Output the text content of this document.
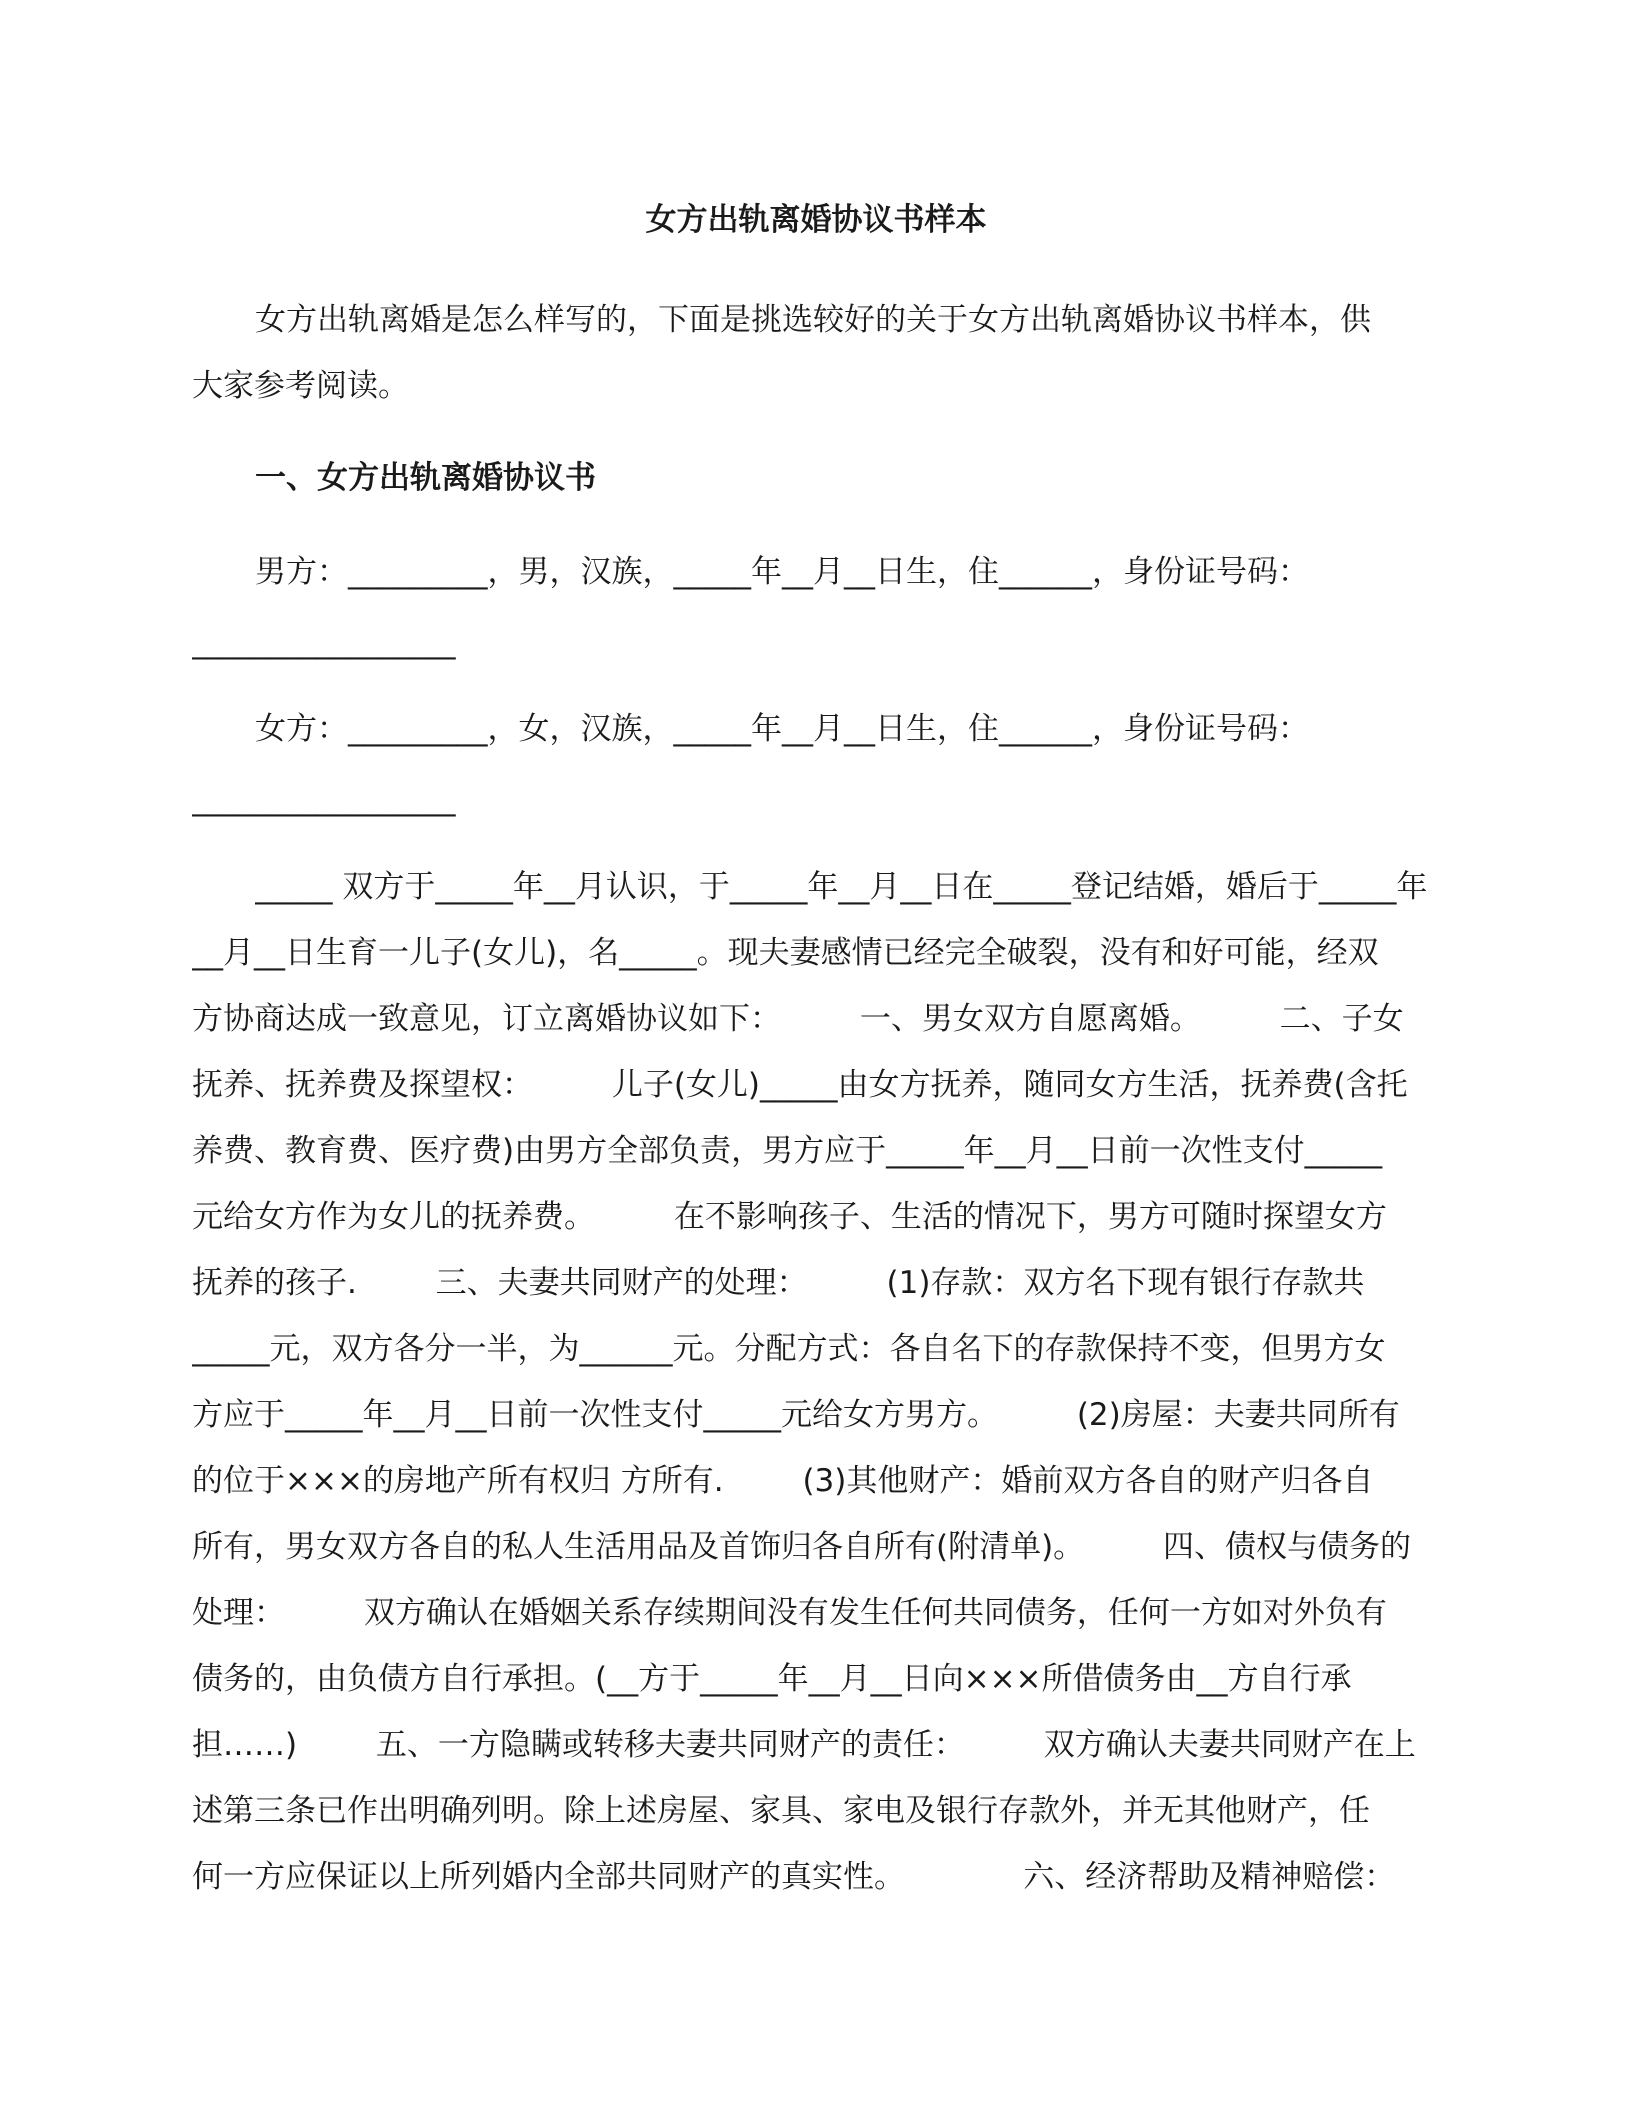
女方出轨离婚协议书样本
女方出轨离婚是怎么样写的，下面是挑选较好的关于女方出轨离婚协议书样本，供
大家参考阅读。
一、女方出轨离婚协议书
男方：_________，男，汉族，_____年__月__日生，住______，身份证号码：
_________________
女方：_________，女，汉族，_____年__月__日生，住______，身份证号码：
_________________
_____ 双方于_____年__月认识，于_____年__月__日在_____登记结婚，婚后于_____年
__月__日生育一儿子(女儿)，名_____。现夫妻感情已经完全破裂，没有和好可能，经双
方协商达成一致意见，订立离婚协议如下：        一、男女双方自愿离婚。        二、子女
抚养、抚养费及探望权：        儿子(女儿)_____由女方抚养，随同女方生活，抚养费(含托
养费、教育费、医疗费)由男方全部负责，男方应于_____年__月__日前一次性支付_____
元给女方作为女儿的抚养费。        在不影响孩子、生活的情况下，男方可随时探望女方
抚养的孩子.        三、夫妻共同财产的处理：        (1)存款：双方名下现有银行存款共
_____元，双方各分一半，为______元。分配方式：各自名下的存款保持不变，但男方女
方应于_____年__月__日前一次性支付_____元给女方男方。        (2)房屋：夫妻共同所有
的位于×××的房地产所有权归 方所有.        (3)其他财产：婚前双方各自的财产归各自
所有，男女双方各自的私人生活用品及首饰归各自所有(附清单)。        四、债权与债务的
处理：        双方确认在婚姻关系存续期间没有发生任何共同债务，任何一方如对外负有
债务的，由负债方自行承担。(__方于_____年__月__日向×××所借债务由__方自行承
担……)        五、一方隐瞒或转移夫妻共同财产的责任：        双方确认夫妻共同财产在上
述第三条已作出明确列明。除上述房屋、家具、家电及银行存款外，并无其他财产，任
何一方应保证以上所列婚内全部共同财产的真实性。            六、经济帮助及精神赔偿：
